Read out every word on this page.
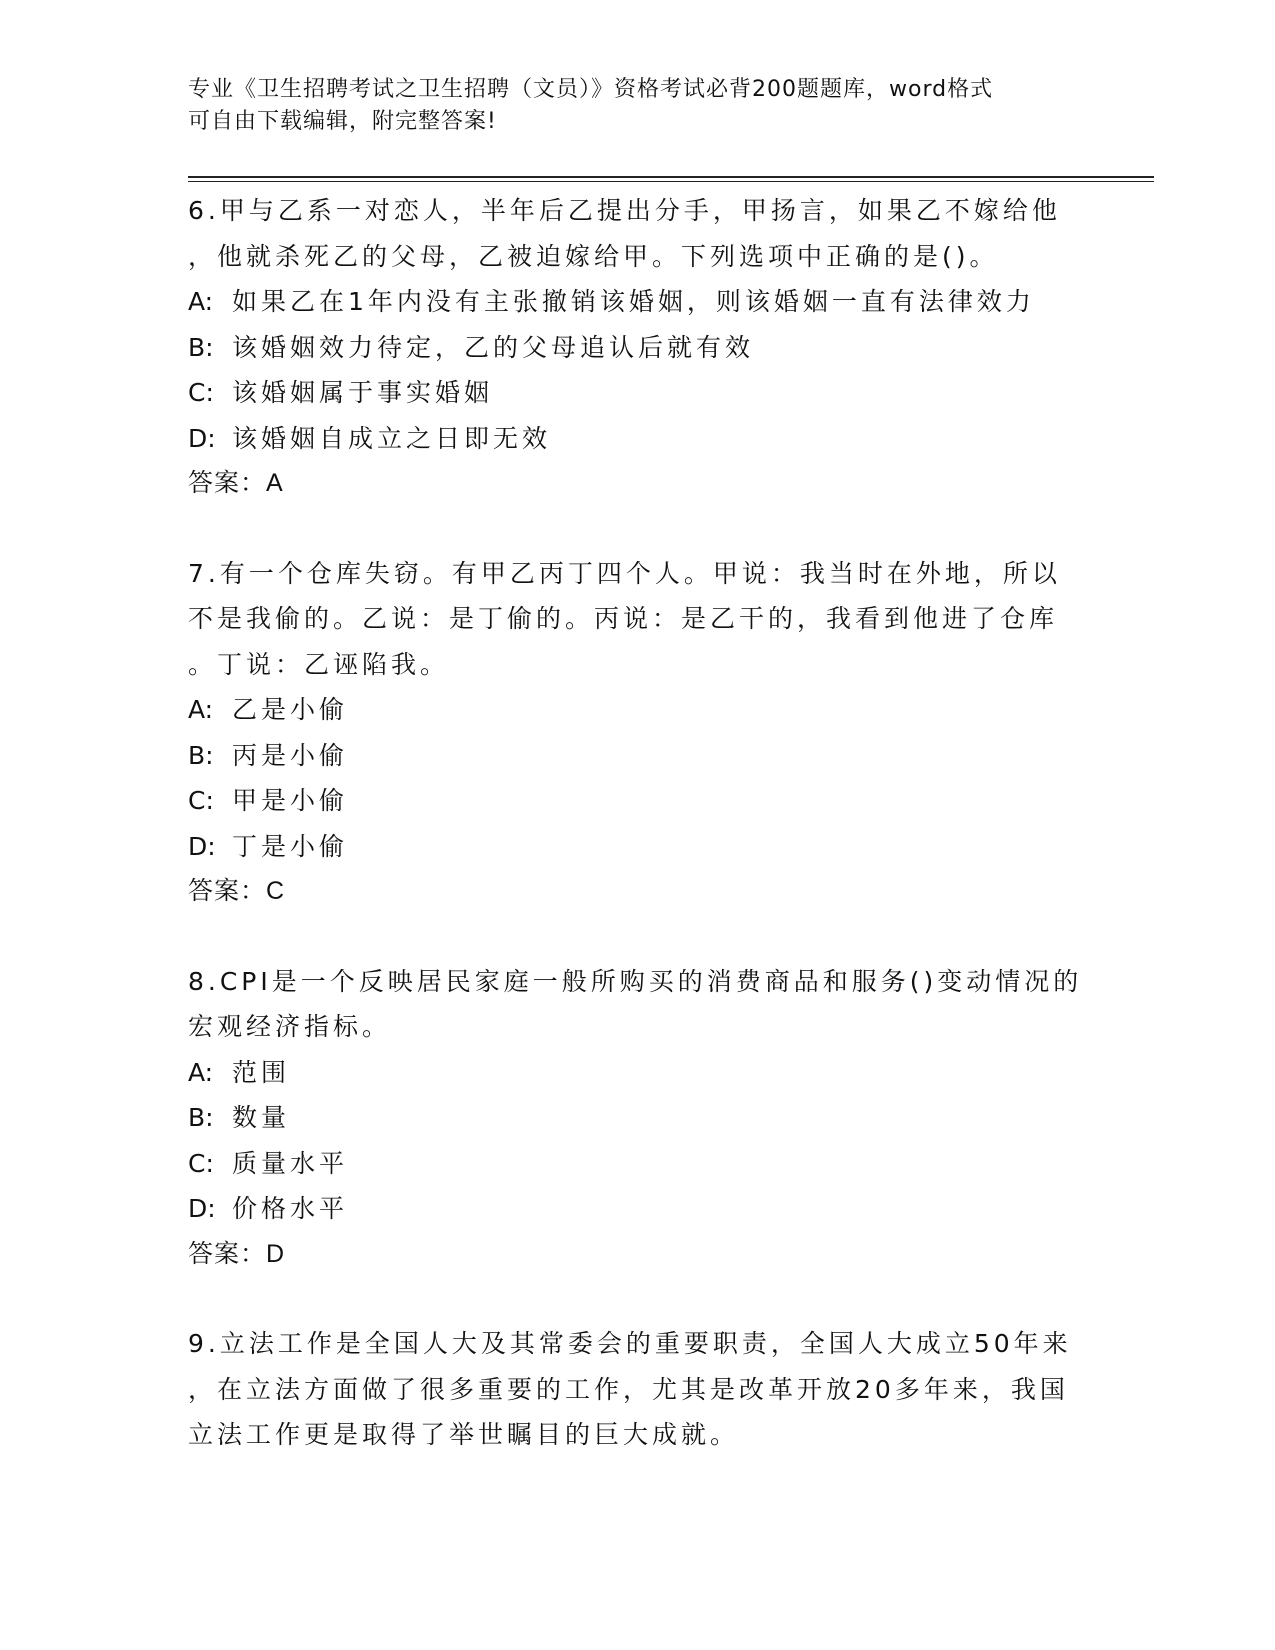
专业《卫生招聘考试之卫生招聘（文员）》资格考试必背200题题库，word格式
可自由下载编辑，附完整答案!
6.甲与乙系一对恋人，半年后乙提出分手，甲扬言，如果乙不嫁给他
，他就杀死乙的父母，乙被迫嫁给甲。下列选项中正确的是()。
A: 如果乙在1年内没有主张撤销该婚姻，则该婚姻一直有法律效力
B: 该婚姻效力待定，乙的父母追认后就有效
C: 该婚姻属于事实婚姻
D: 该婚姻自成立之日即无效
答案：A
7.有一个仓库失窃。有甲乙丙丁四个人。甲说：我当时在外地，所以
不是我偷的。乙说：是丁偷的。丙说：是乙干的，我看到他进了仓库
。丁说：乙诬陷我。
A: 乙是小偷
B: 丙是小偷
C: 甲是小偷
D: 丁是小偷
答案：C
8.CPI是一个反映居民家庭一般所购买的消费商品和服务()变动情况的
宏观经济指标。
A: 范围
B: 数量
C: 质量水平
D: 价格水平
答案：D
9.立法工作是全国人大及其常委会的重要职责，全国人大成立50年来
，在立法方面做了很多重要的工作，尤其是改革开放20多年来，我国
立法工作更是取得了举世瞩目的巨大成就。
